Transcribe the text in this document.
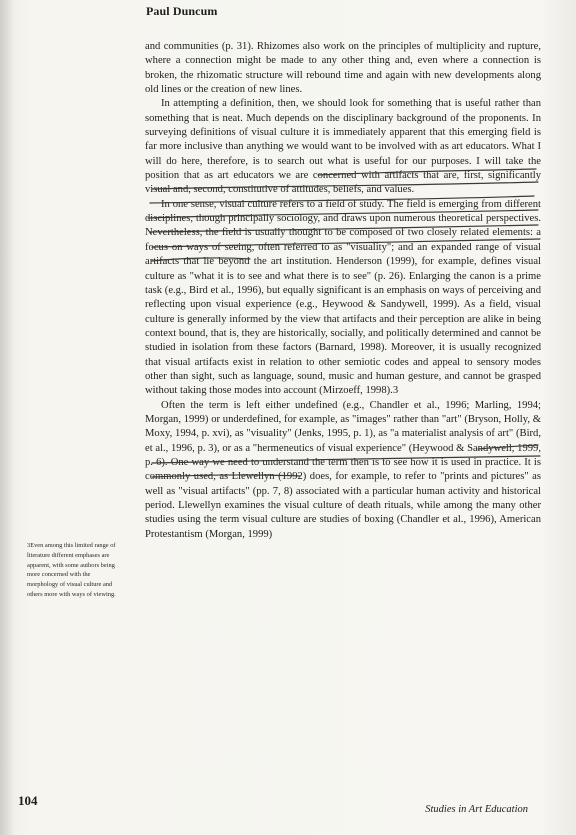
Paul Duncum

and communities (p. 31). Rhizomes also work on the principles of multiplicity and rupture, where a connection might be made to any other thing and, even where a connection is broken, the rhizomatic structure will rebound time and again with new developments along old lines or the creation of new lines.

In attempting a definition, then, we should look for something that is useful rather than something that is neat. Much depends on the disciplinary background of the proponents. In surveying definitions of visual culture it is immediately apparent that this emerging field is far more inclusive than anything we would want to be involved with as art educators. What I will do here, therefore, is to search out what is useful for our purposes. I will take the position that as art educators we are concerned with artifacts that are, first, significantly visual and, second, constitutive of attitudes, beliefs, and values.

In one sense, visual culture refers to a field of study. The field is emerging from different disciplines, though principally sociology, and draws upon numerous theoretical perspectives. Nevertheless, the field is usually thought to be composed of two closely related elements: a focus on ways of seeing, often referred to as "visuality"; and an expanded range of visual artifacts that lie beyond the art institution. Henderson (1999), for example, defines visual culture as "what it is to see and what there is to see" (p. 26). Enlarging the canon is a prime task (e.g., Bird et al., 1996), but equally significant is an emphasis on ways of perceiving and reflecting upon visual experience (e.g., Heywood & Sandywell, 1999). As a field, visual culture is generally informed by the view that artifacts and their perception are alike in being context bound, that is, they are historically, socially, and politically determined and cannot be studied in isolation from these factors (Barnard, 1998). Moreover, it is usually recognized that visual artifacts exist in relation to other semiotic codes and appeal to sensory modes other than sight, such as language, sound, music and human gesture, and cannot be grasped without taking those modes into account (Mirzoeff, 1998).3

Often the term is left either undefined (e.g., Chandler et al., 1996; Marling, 1994; Morgan, 1999) or underdefined, for example, as "images" rather than "art" (Bryson, Holly, & Moxy, 1994, p. xvi), as "visuality" (Jenks, 1995, p. 1), as "a materialist analysis of art" (Bird, et al., 1996, p. 3), or as a "hermeneutics of visual experience" (Heywood & Sandywell, 1999, p. 6). One way we need to understand the term then is to see how it is used in practice. It is commonly used, as Llewellyn (1992) does, for example, to refer to "prints and pictures" as well as "visual artifacts" (pp. 7, 8) associated with a particular human activity and historical period. Llewellyn examines the visual culture of death rituals, while among the many other studies using the term visual culture are studies of boxing (Chandler et al., 1996), American Protestantism (Morgan, 1999)

3Even among this limited range of literature different emphases are apparent, with some authors being more concerned with the morphology of visual culture and others more with ways of viewing.
104
Studies in Art Education
